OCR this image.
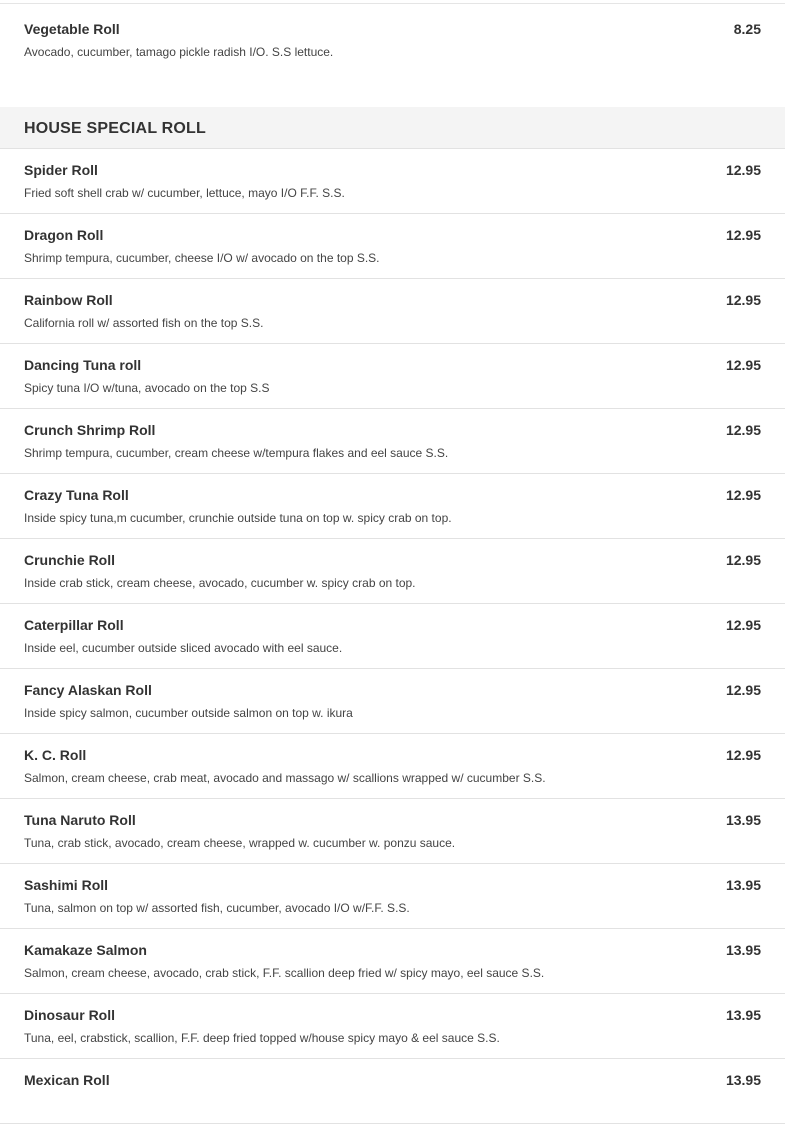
Vegetable Roll	8.25
Avocado, cucumber, tamago pickle radish I/O. S.S lettuce.
HOUSE SPECIAL ROLL
Spider Roll	12.95
Fried soft shell crab w/ cucumber, lettuce, mayo I/O F.F. S.S.
Dragon Roll	12.95
Shrimp tempura, cucumber, cheese I/O w/ avocado on the top S.S.
Rainbow Roll	12.95
California roll w/ assorted fish on the top S.S.
Dancing Tuna roll	12.95
Spicy tuna I/O w/tuna, avocado on the top S.S
Crunch Shrimp Roll	12.95
Shrimp tempura, cucumber, cream cheese w/tempura flakes and eel sauce S.S.
Crazy Tuna Roll	12.95
Inside spicy tuna,m cucumber, crunchie outside tuna on top w. spicy crab on top.
Crunchie Roll	12.95
Inside crab stick, cream cheese, avocado, cucumber w. spicy crab on top.
Caterpillar Roll	12.95
Inside eel, cucumber outside sliced avocado with eel sauce.
Fancy Alaskan Roll	12.95
Inside spicy salmon, cucumber outside salmon on top w. ikura
K. C. Roll	12.95
Salmon, cream cheese, crab meat, avocado and massago w/ scallions wrapped w/ cucumber S.S.
Tuna Naruto Roll	13.95
Tuna, crab stick, avocado, cream cheese, wrapped w. cucumber w. ponzu sauce.
Sashimi Roll	13.95
Tuna, salmon on top w/ assorted fish, cucumber, avocado I/O w/F.F. S.S.
Kamakaze Salmon	13.95
Salmon, cream cheese, avocado, crab stick, F.F. scallion deep fried w/ spicy mayo, eel sauce S.S.
Dinosaur Roll	13.95
Tuna, eel, crabstick, scallion, F.F. deep fried topped w/house spicy mayo & eel sauce S.S.
Mexican Roll	13.95
